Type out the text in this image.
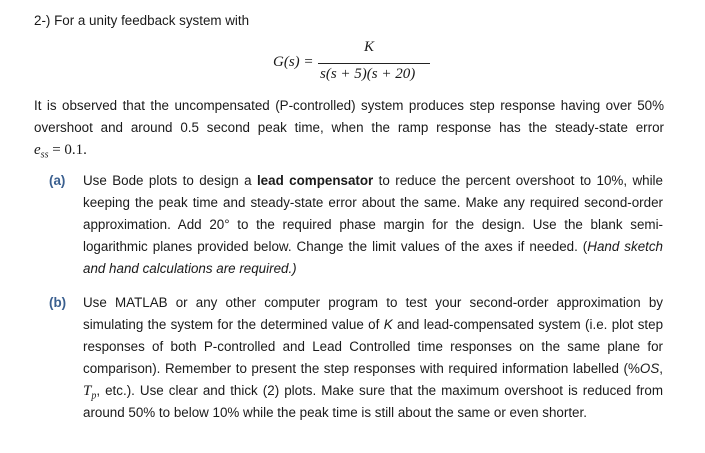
2-) For a unity feedback system with
G(s) =
K
s(s + 5)(s + 20)
It is observed that the uncompensated (P-controlled) system produces step response having over 50%
overshoot and around 0.5 second peak time, when the ramp response has the steady-state error
$e_{ss} = 0.1$.
(a) Use Bode plots to design a lead compensator to reduce the percent overshoot to 10%, while
keeping the peak time and steady-state error about the same. Make any required second-order
approximation. Add 20° to the required phase margin for the design. Use the blank semi-
logarithmic planes provided below. Change the limit values of the axes if needed. (Hand sketch
and hand calculations are required.)
(b) Use MATLAB or any other computer program to test your second-order approximation by
simulating the system for the determined value of K and lead-compensated system (i.e. plot step
responses of both P-controlled and Lead Controlled time responses on the same plane for
comparison). Remember to present the step responses with required information labelled (%OS,
$T_p$, etc.). Use clear and thick (2) plots. Make sure that the maximum overshoot is reduced from
around 50% to below 10% while the peak time is still about the same or even shorter.
